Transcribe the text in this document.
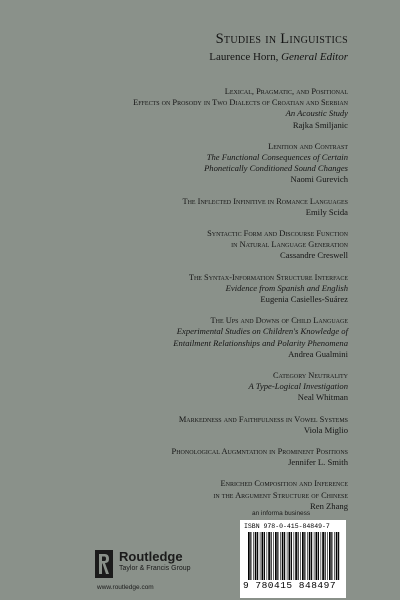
Studies in Linguistics
Laurence Horn, General Editor
Lexical, Pragmatic, and Positional
Effects on Prosody in Two Dialects of Croatian and Serbian
An Acoustic Study
Rajka Smiljanic
Lenition and Contrast
The Functional Consequences of Certain
Phonetically Conditioned Sound Changes
Naomi Gurevich
The Inflected Infinitive in Romance Languages
Emily Scida
Syntactic Form and Discourse Function
in Natural Language Generation
Cassandre Creswell
The Syntax-Information Structure Interface
Evidence from Spanish and English
Eugenia Casielles-Suárez
The Ups and Downs of Child Language
Experimental Studies on Children's Knowledge of
Entailment Relationships and Polarity Phenomena
Andrea Gualmini
Category Neutrality
A Type-Logical Investigation
Neal Whitman
Markedness and Faithfulness in Vowel Systems
Viola Miglio
Phonological Augmntation in Prominent Positions
Jennifer L. Smith
Enriched Composition and Inference
in the Argument Structure of Chinese
Ren Zhang
Routledge
Taylor & Francis Group
www.routledge.com
an informa business
ISBN 978-0-415-84849-7
9 780415 848497
